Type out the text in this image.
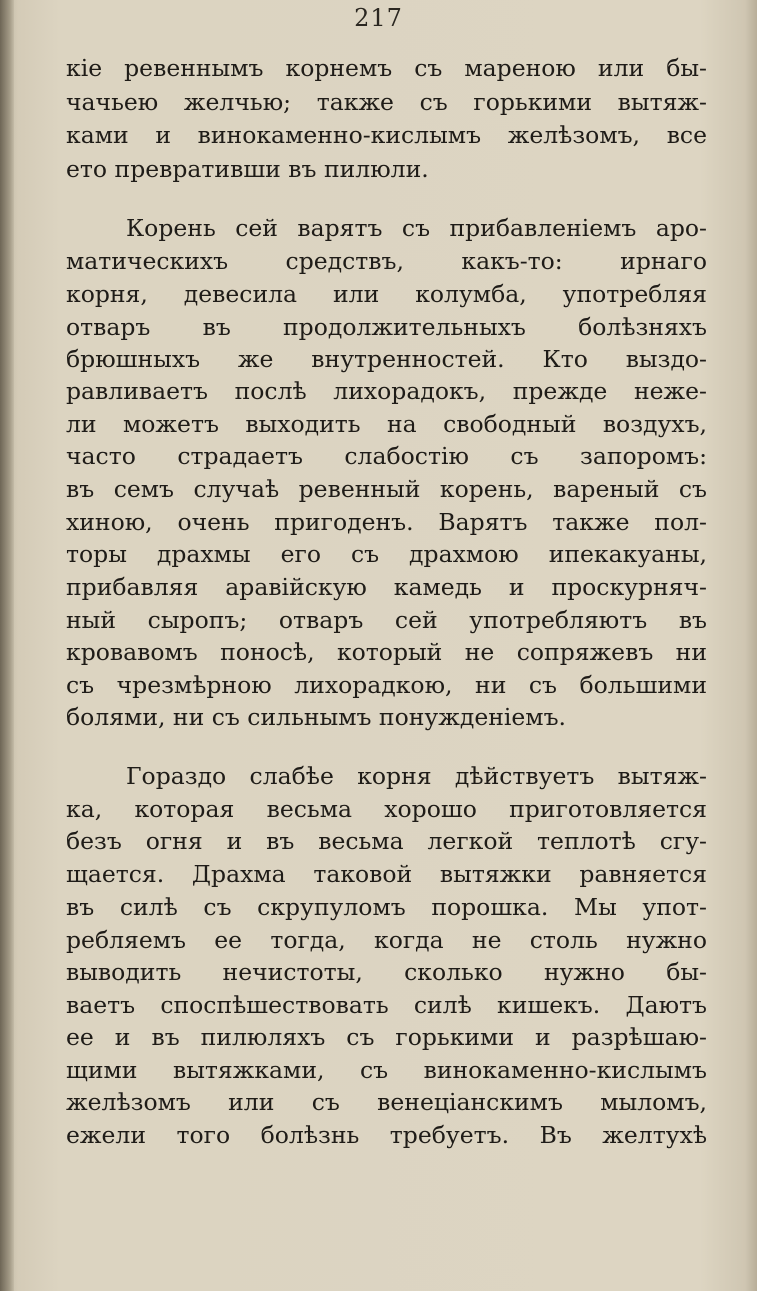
217
кіе ревеннымъ корнемъ съ мареною или бы-
чачьею желчью; такжe съ горькими вытяж-
ками и винокаменно-кислымъ желѣзомъ, все
ето превративши въ пилюли.
Корень сей варятъ съ прибавленіемъ аро-
матическихъ средствъ, какъ-то: ирнаго
корня, девесила или колумба, употребляя
отваръ въ продолжительныхъ болѣзняхъ
брюшныхъ же внутренностей. Кто выздо-
равливаетъ послѣ лихорадокъ, прежде неже-
ли можетъ выходить на свободный воздухъ,
часто страдаетъ слабостію съ запоромъ:
въ семъ случаѣ ревенный корень, вареный съ
хиною, очень пригоденъ. Варятъ также пол-
торы драхмы его съ драхмою ипекакуаны,
прибавляя аравійскую камедь и проскурняч-
ный сыропъ; отваръ сей употребляютъ въ
кровавомъ поносѣ, который не сопряжевъ ни
съ чрезмѣрною лихорадкою, ни съ большими
болями, ни съ сильнымъ понужденіемъ.
Гораздо слабѣе корня дѣйствуетъ вытяж-
ка, которая весьма хорошо приготовляется
безъ огня и въ весьма легкой теплотѣ сгу-
щается. Драхма таковой вытяжки равняется
въ силѣ съ скрупуломъ порошка. Мы упот-
ребляемъ ее тогда, когда не столь нужно
выводить нечистоты, сколько нужно бы-
ваетъ споспѣшествовать силѣ кишекъ. Даютъ
ее и въ пилюляхъ съ горькими и разрѣшаю-
щими вытяжками, съ винокаменно-кислымъ
желѣзомъ или съ венеціанскимъ мыломъ,
ежели того болѣзнь требуетъ. Въ желтухѣ
